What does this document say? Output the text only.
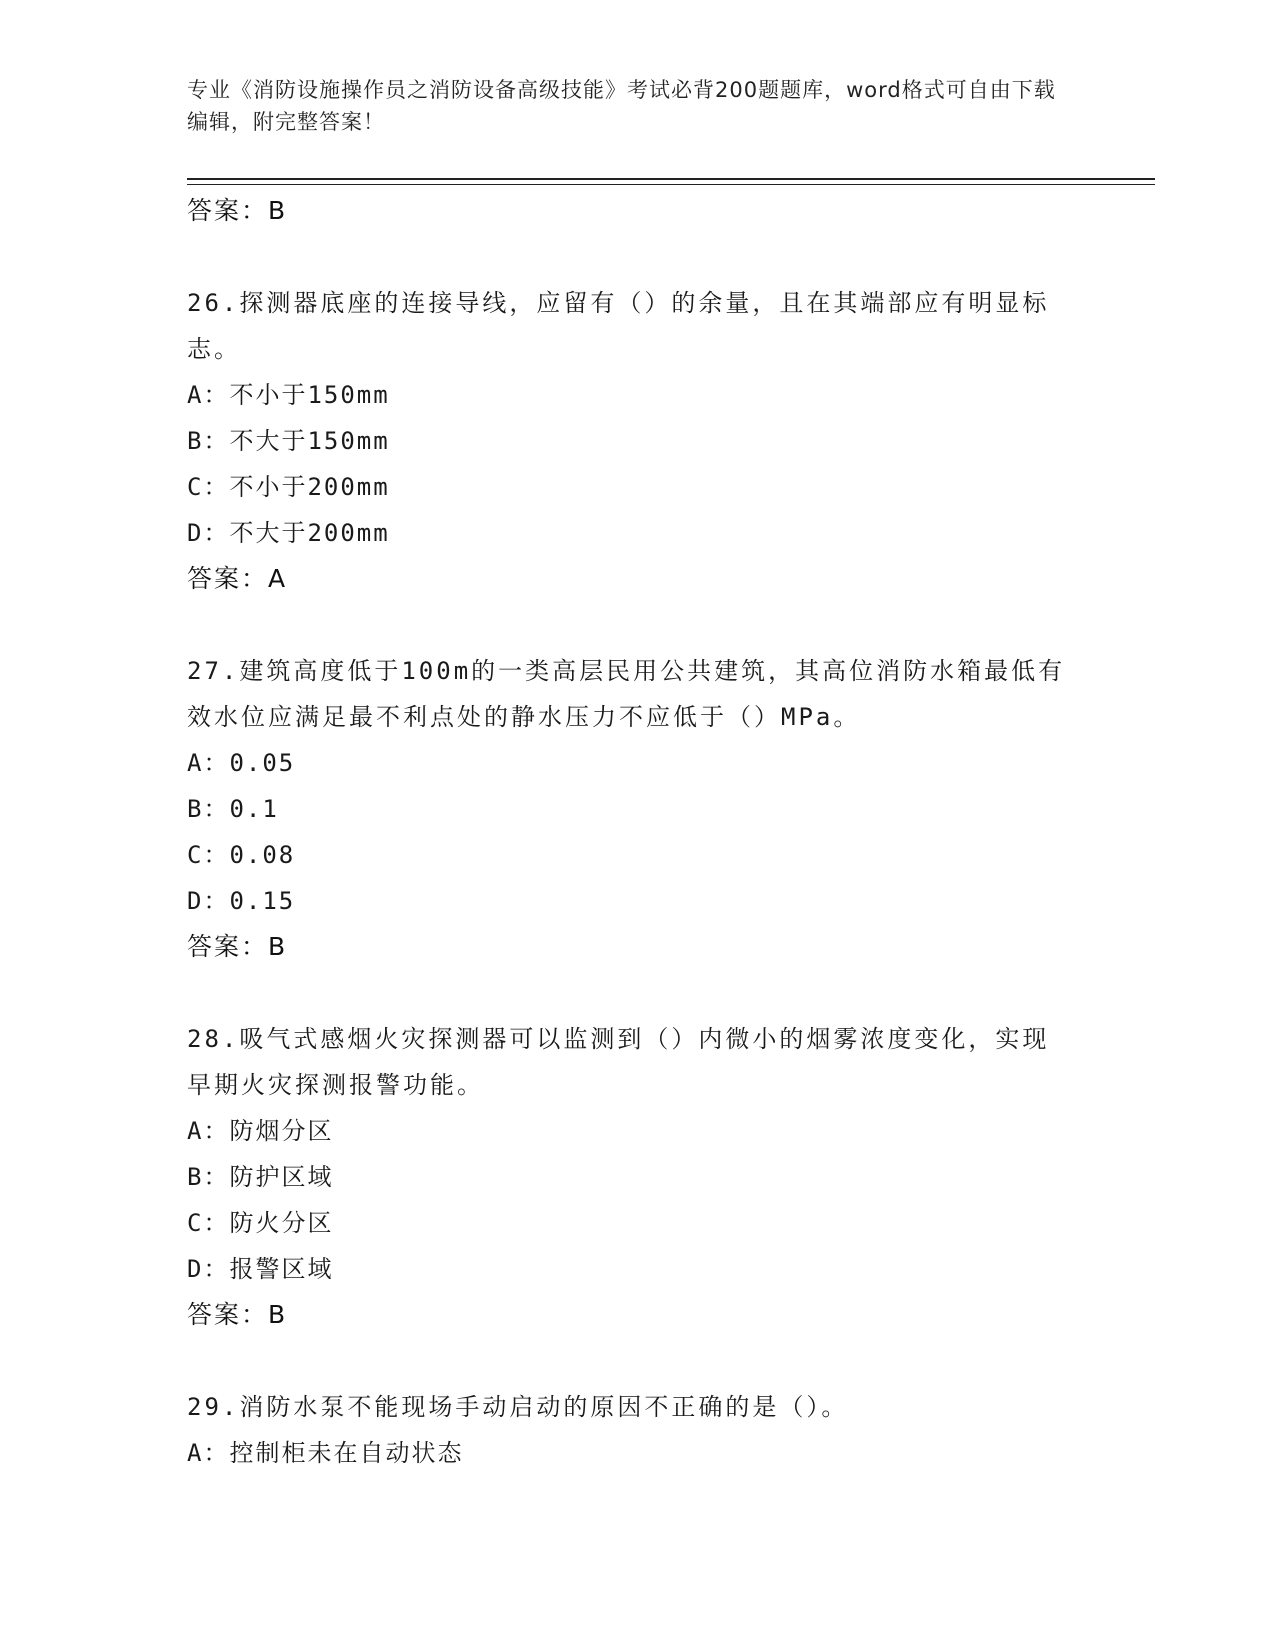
专业《消防设施操作员之消防设备高级技能》考试必背200题题库，word格式可自由下载编辑，附完整答案！
答案：B
26.探测器底座的连接导线，应留有（）的余量，且在其端部应有明显标志。
A：不小于150mm
B：不大于150mm
C：不小于200mm
D：不大于200mm
答案：A
27.建筑高度低于100m的一类高层民用公共建筑，其高位消防水箱最低有效水位应满足最不利点处的静水压力不应低于（）MPa。
A：0.05
B：0.1
C：0.08
D：0.15
答案：B
28.吸气式感烟火灾探测器可以监测到（）内微小的烟雾浓度变化，实现早期火灾探测报警功能。
A：防烟分区
B：防护区域
C：防火分区
D：报警区域
答案：B
29.消防水泵不能现场手动启动的原因不正确的是（）。
A：控制柜未在自动状态
